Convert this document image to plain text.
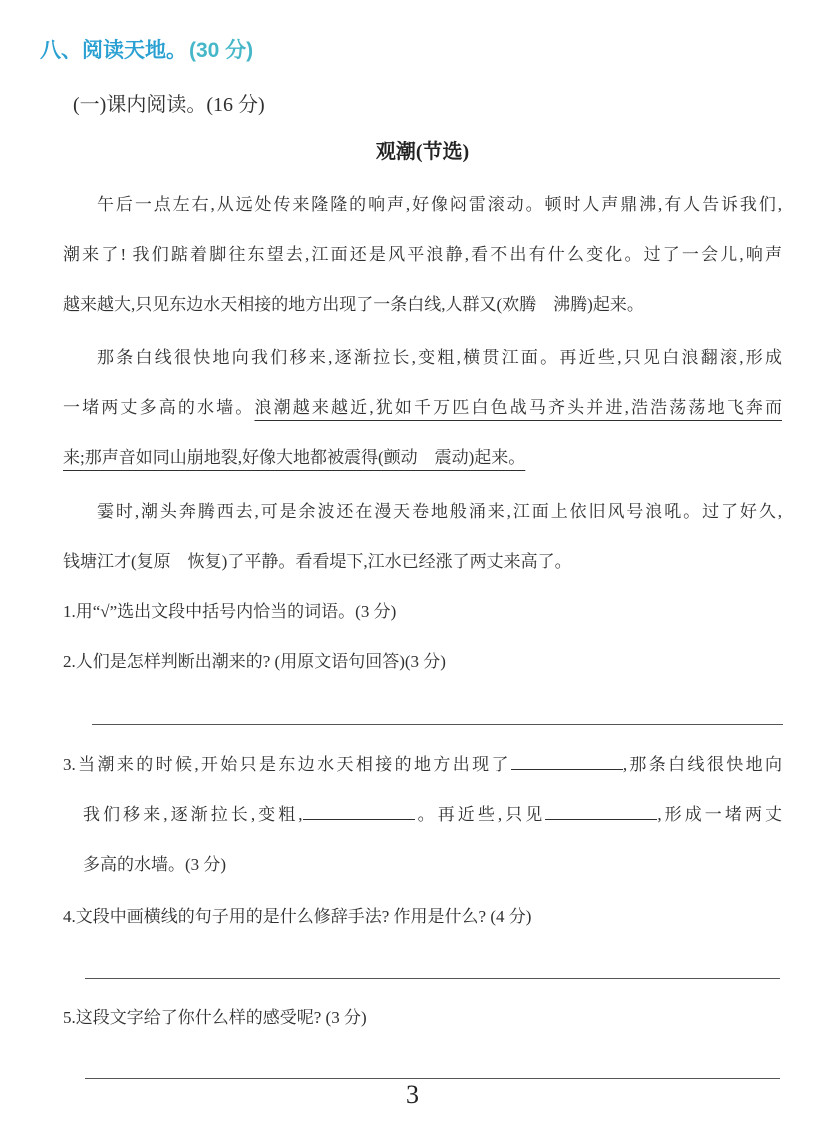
八、阅读天地。(30 分)
(一)课内阅读。(16 分)
观潮(节选)
午后一点左右,从远处传来隆隆的响声,好像闷雷滚动。顿时人声鼎沸,有人告诉我们,
潮来了! 我们踮着脚往东望去,江面还是风平浪静,看不出有什么变化。过了一会儿,响声
越来越大,只见东边水天相接的地方出现了一条白线,人群又(欢腾　沸腾)起来。
那条白线很快地向我们移来,逐渐拉长,变粗,横贯江面。再近些,只见白浪翻滚,形成
一堵两丈多高的水墙。浪潮越来越近,犹如千万匹白色战马齐头并进,浩浩荡荡地飞奔而
来;那声音如同山崩地裂,好像大地都被震得(颤动　震动)起来。
霎时,潮头奔腾西去,可是余波还在漫天卷地般涌来,江面上依旧风号浪吼。过了好久,
钱塘江才(复原　恢复)了平静。看看堤下,江水已经涨了两丈来高了。
1.用“√”选出文段中括号内恰当的词语。(3 分)
2.人们是怎样判断出潮来的? (用原文语句回答)(3 分)
3.当潮来的时候,开始只是东边水天相接的地方出现了	,那条白线很快地向
我们移来,逐渐拉长,变粗,	。再近些,只见	,形成一堵两丈
多高的水墙。(3 分)
4.文段中画横线的句子用的是什么修辞手法? 作用是什么? (4 分)
5.这段文字给了你什么样的感受呢? (3 分)
3
